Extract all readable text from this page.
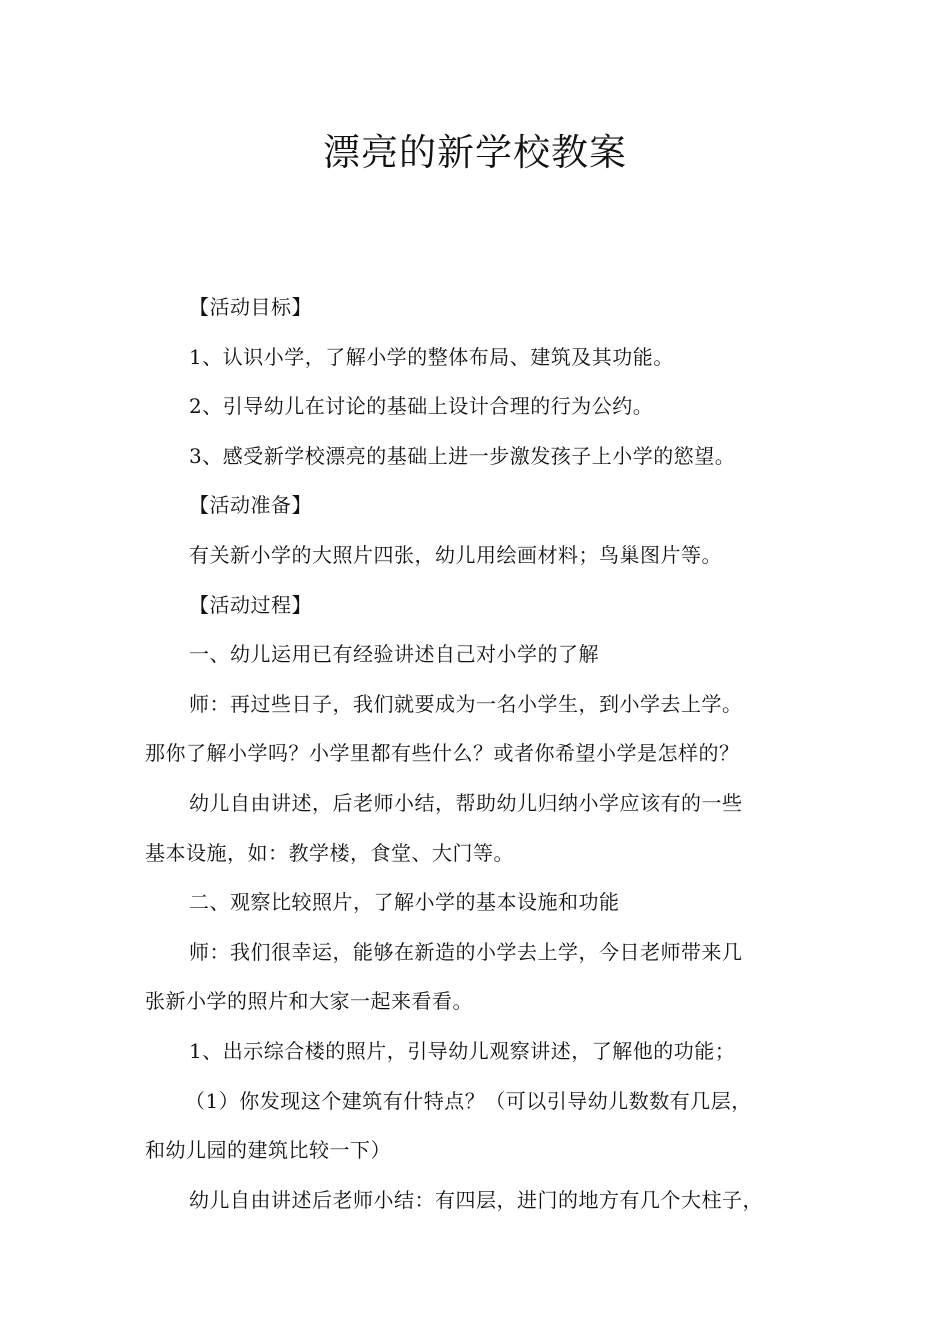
漂亮的新学校教案

【活动目标】

1、认识小学，了解小学的整体布局、建筑及其功能。

2、引导幼儿在讨论的基础上设计合理的行为公约。

3、感受新学校漂亮的基础上进一步激发孩子上小学的慾望。

【活动准备】

有关新小学的大照片四张，幼儿用绘画材料；鸟巢图片等。

【活动过程】

一、幼儿运用已有经验讲述自己对小学的了解

师：再过些日子，我们就要成为一名小学生，到小学去上学。

那你了解小学吗？小学里都有些什么？或者你希望小学是怎样的？

幼儿自由讲述，后老师小结，帮助幼儿归纳小学应该有的一些

基本设施，如：教学楼，食堂、大门等。

二、观察比较照片，了解小学的基本设施和功能

师：我们很幸运，能够在新造的小学去上学，今日老师带来几

张新小学的照片和大家一起来看看。

1、出示综合楼的照片，引导幼儿观察讲述，了解他的功能；

（1）你发现这个建筑有什特点？（可以引导幼儿数数有几层，

和幼儿园的建筑比较一下）

幼儿自由讲述后老师小结：有四层，进门的地方有几个大柱子，
